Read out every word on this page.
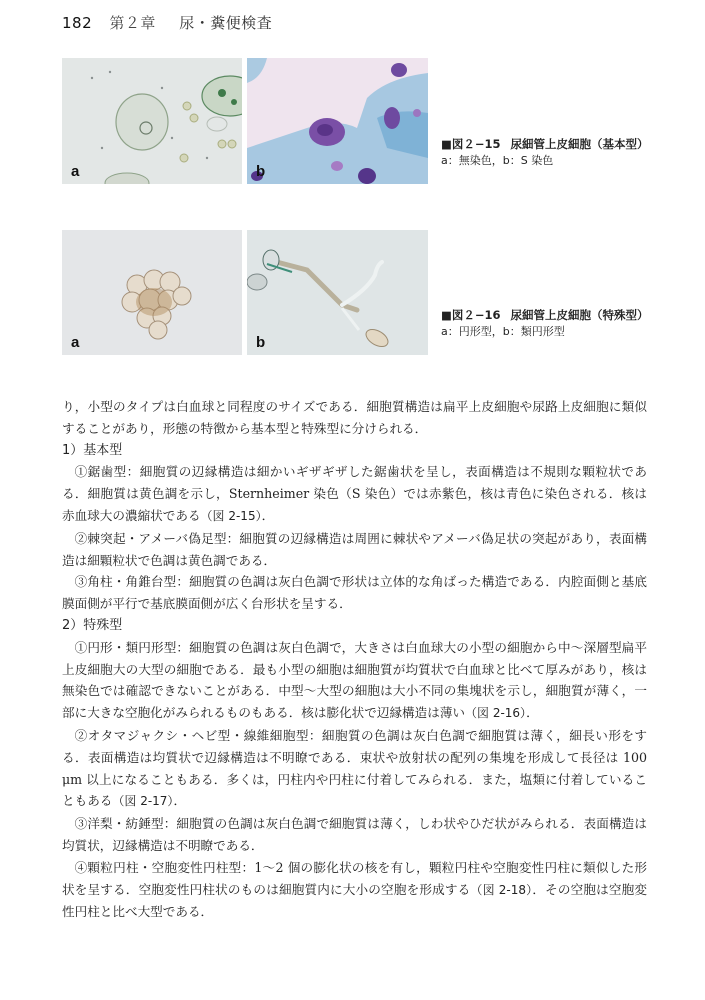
182 第２章 尿・糞便検査
a	b
■図２−15 尿細管上皮細胞（基本型）
a：無染色，b：S 染色
a	b
■図２−16 尿細管上皮細胞（特殊型）
a：円形型，b：類円形型

り，小型のタイプは白血球と同程度のサイズである．細胞質構造は扁平上皮細胞や尿路上皮細胞に類似することがあり，形態の特徴から基本型と特殊型に分けられる．

1）基本型

①鋸歯型：細胞質の辺縁構造は細かいギザギザした鋸歯状を呈し，表面構造は不規則な顆粒状である．細胞質は黄色調を示し，Sternheimer 染色（S 染色）では赤紫色，核は青色に染色される．核は赤血球大の濃縮状である（図 2-15）．

②棘突起・アメーバ偽足型：細胞質の辺縁構造は周囲に棘状やアメーバ偽足状の突起があり，表面構造は細顆粒状で色調は黄色調である．

③角柱・角錐台型：細胞質の色調は灰白色調で形状は立体的な角ばった構造である．内腔面側と基底膜面側が平行で基底膜面側が広く台形状を呈する．

2）特殊型

①円形・類円形型：細胞質の色調は灰白色調で，大きさは白血球大の小型の細胞から中〜深層型扁平上皮細胞大の大型の細胞である．最も小型の細胞は細胞質が均質状で白血球と比べて厚みがあり，核は無染色では確認できないことがある．中型〜大型の細胞は大小不同の集塊状を示し，細胞質が薄く，一部に大きな空胞化がみられるものもある．核は膨化状で辺縁構造は薄い（図 2-16）．

②オタマジャクシ・ヘビ型・線維細胞型：細胞質の色調は灰白色調で細胞質は薄く，細長い形をする．表面構造は均質状で辺縁構造は不明瞭である．束状や放射状の配列の集塊を形成して長径は 100 μm 以上になることもある．多くは，円柱内や円柱に付着してみられる．また，塩類に付着していることもある（図 2-17）．

③洋梨・紡錘型：細胞質の色調は灰白色調で細胞質は薄く，しわ状やひだ状がみられる．表面構造は均質状，辺縁構造は不明瞭である．

④顆粒円柱・空胞変性円柱型：1〜2 個の膨化状の核を有し，顆粒円柱や空胞変性円柱に類似した形状を呈する．空胞変性円柱状のものは細胞質内に大小の空胞を形成する（図 2-18）．その空胞は空胞変性円柱と比べ大型である．
